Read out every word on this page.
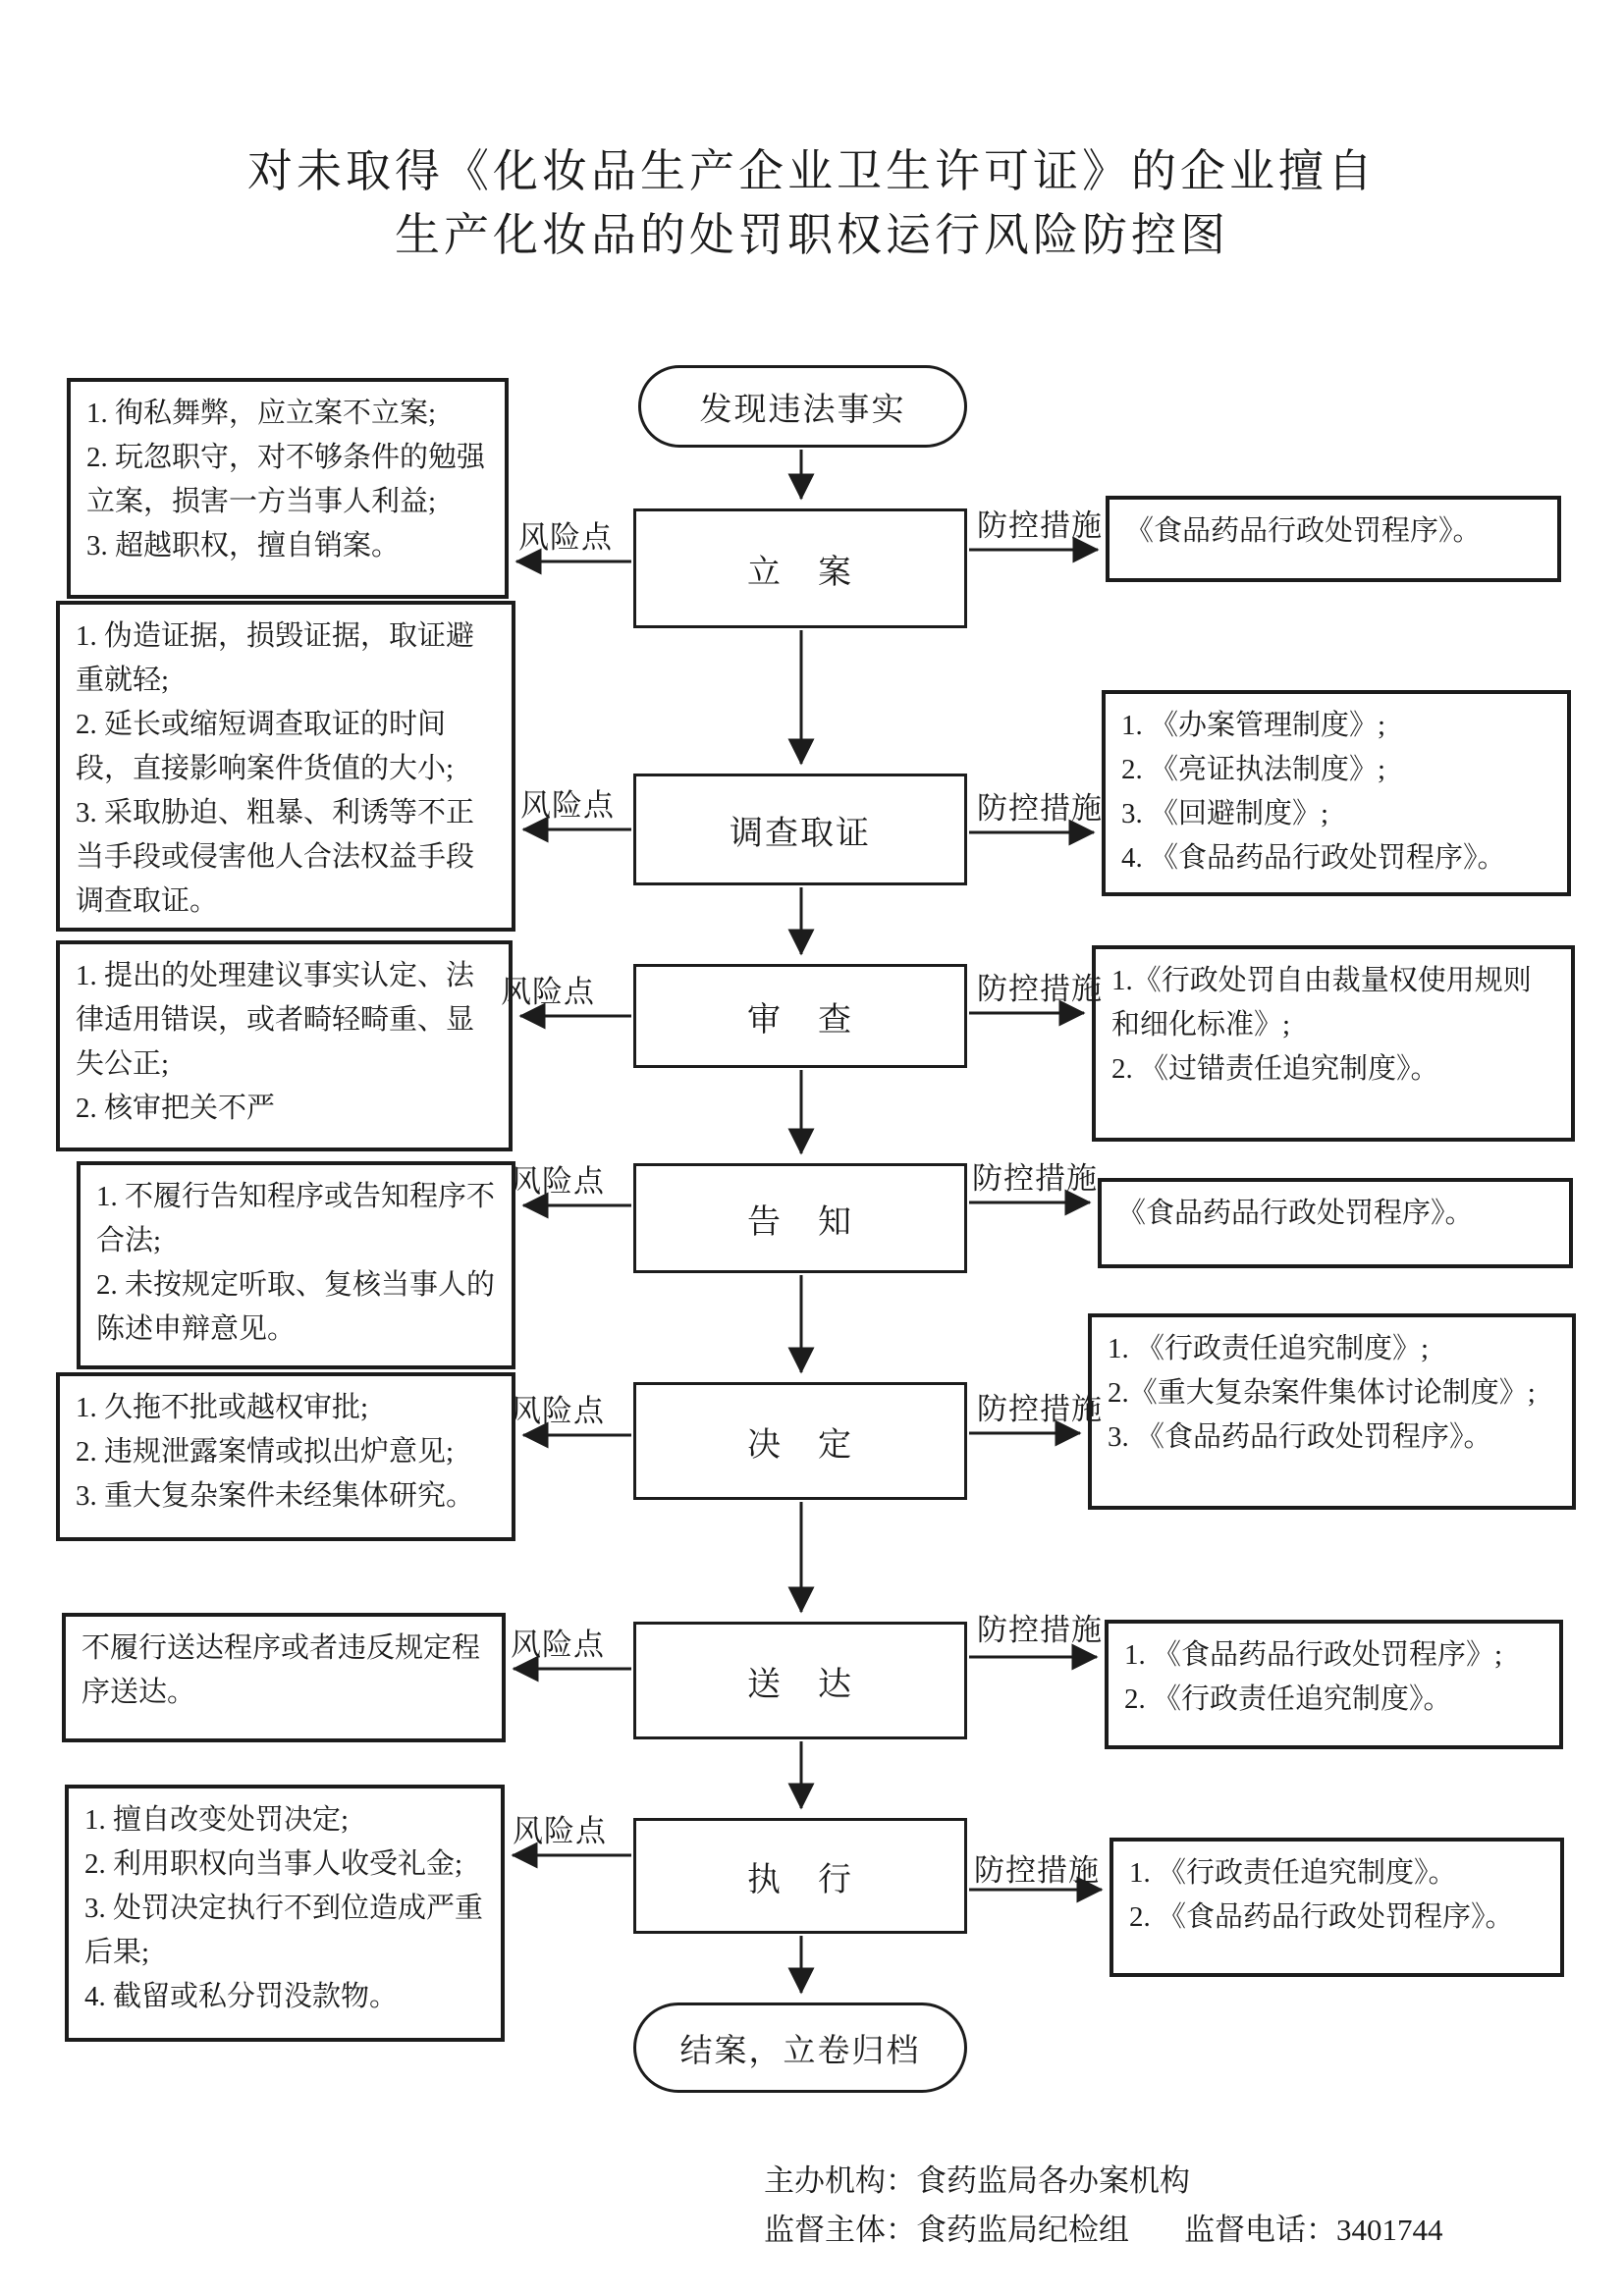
对未取得《化妆品生产企业卫生许可证》的企业擅自
生产化妆品的处罚职权运行风险防控图
发现违法事实
结案，立卷归档
立　案
调查取证
审　查
告　知
决　定
送　达
执　行
1. 徇私舞弊，应立案不立案;
2. 玩忽职守，对不够条件的勉强立案，损害一方当事人利益;
3. 超越职权，擅自销案。
1. 伪造证据，损毁证据，取证避重就轻;
2. 延长或缩短调查取证的时间段，直接影响案件货值的大小;
3. 采取胁迫、粗暴、利诱等不正当手段或侵害他人合法权益手段调查取证。
1. 提出的处理建议事实认定、法律适用错误，或者畸轻畸重、显失公正;
2. 核审把关不严
1. 不履行告知程序或告知程序不合法;
2. 未按规定听取、复核当事人的陈述申辩意见。
1. 久拖不批或越权审批;
2. 违规泄露案情或拟出炉意见;
3. 重大复杂案件未经集体研究。
不履行送达程序或者违反规定程序送达。
1. 擅自改变处罚决定;
2. 利用职权向当事人收受礼金;
3. 处罚决定执行不到位造成严重后果;
4. 截留或私分罚没款物。
《食品药品行政处罚程序》。
1. 《办案管理制度》;
2. 《亮证执法制度》;
3. 《回避制度》;
4. 《食品药品行政处罚程序》。
1.《行政处罚自由裁量权使用规则和细化标准》;
2. 《过错责任追究制度》。
《食品药品行政处罚程序》。
1. 《行政责任追究制度》;
2.《重大复杂案件集体讨论制度》;
3. 《食品药品行政处罚程序》。
1. 《食品药品行政处罚程序》;
2. 《行政责任追究制度》。
1. 《行政责任追究制度》。
2. 《食品药品行政处罚程序》。
风险点
风险点
风险点
风险点
风险点
风险点
风险点
防控措施
防控措施
防控措施
防控措施
防控措施
防控措施
防控措施
主办机构：食药监局各办案机构
监督主体：食药监局纪检组 监督电话：3401744
